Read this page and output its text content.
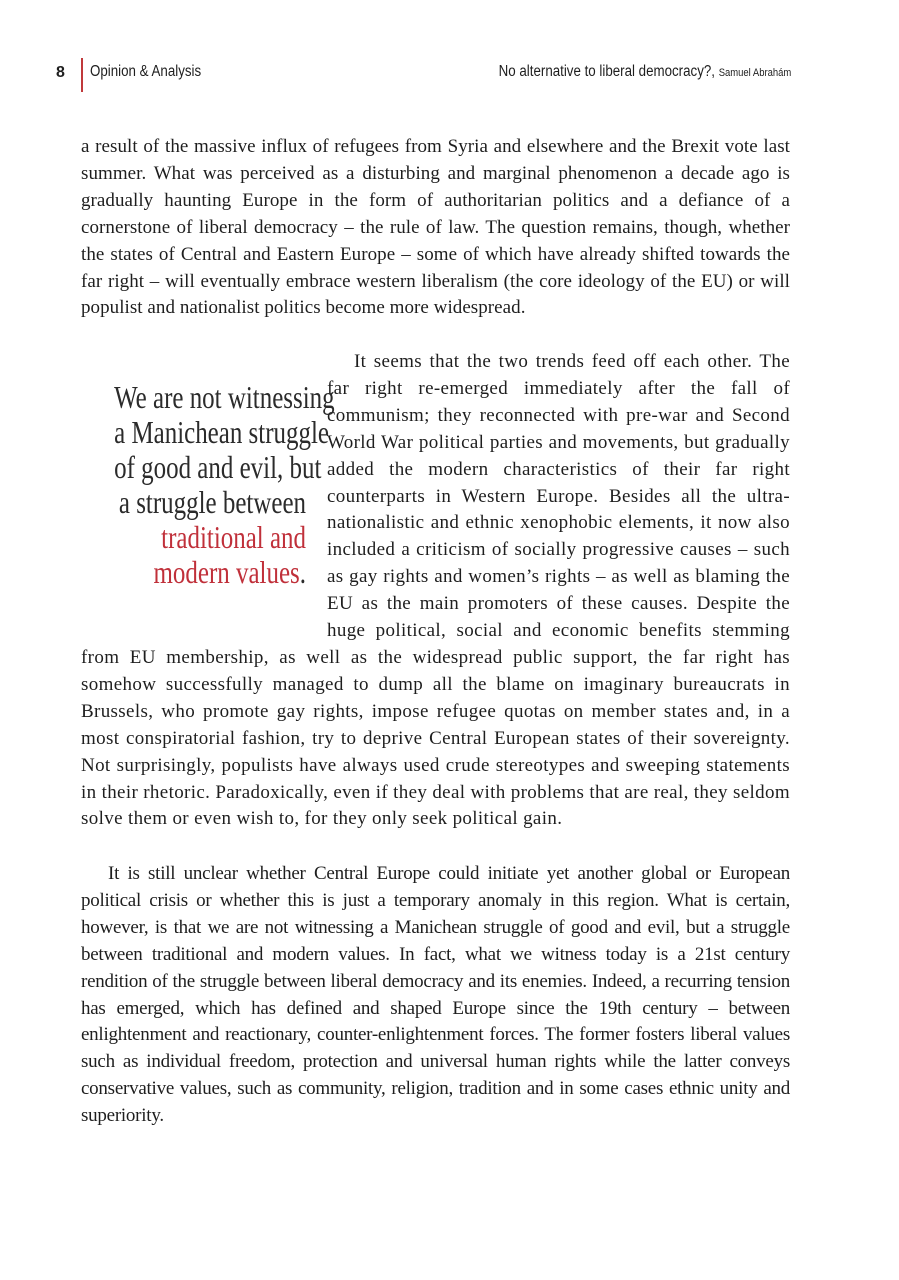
8 Opinion & Analysis	No alternative to liberal democracy?, Samuel Abrahám

a result of the massive influx of refugees from Syria and elsewhere and the Brexit vote last summer. What was perceived as a disturbing and marginal phenomenon a decade ago is gradually haunting Europe in the form of authoritarian politics and a defiance of a cornerstone of liberal democracy – the rule of law. The question remains, though, whether the states of Central and Eastern Europe – some of which have already shifted towards the far right – will eventually embrace western liberalism (the core ideology of the EU) or will populist and nationalist politics become more widespread.

It seems that the two trends feed off each other. The far right re-emerged immediately after the fall of communism; they reconnected with pre-war and Second World War political parties and movements, but gradually added the modern characteristics of their far right counterparts in Western Europe. Besides all the ultra-nationalistic and ethnic xenophobic elements, it now also included a criticism of socially progressive causes – such as gay rights and women’s rights – as well as blaming the EU as the main promoters of these causes. Despite the huge political, social and economic benefits stemming from EU membership, as well as the widespread public support, the far right has somehow successfully managed to dump all the blame on imaginary bureaucrats in Brussels, who promote gay rights, impose refugee quotas on member states and, in a most conspiratorial fashion, try to deprive Central European states of their sovereignty. Not surprisingly, populists have always used crude stereotypes and sweeping statements in their rhetoric. Paradoxically, even if they deal with problems that are real, they seldom solve them or even wish to, for they only seek political gain.

We are not witnessing
a Manichean struggle
of good and evil, but
a struggle between
traditional and
modern values.

It is still unclear whether Central Europe could initiate yet another global or European political crisis or whether this is just a temporary anomaly in this region. What is certain, however, is that we are not witnessing a Manichean struggle of good and evil, but a struggle between traditional and modern values. In fact, what we witness today is a 21st century rendition of the struggle between liberal democracy and its enemies. Indeed, a recurring tension has emerged, which has defined and shaped Europe since the 19th century – between enlightenment and reactionary, counter-enlightenment forces. The former fosters liberal values such as individual freedom, protection and universal human rights while the latter conveys conservative values, such as community, religion, tradition and in some cases ethnic unity and superiority.
